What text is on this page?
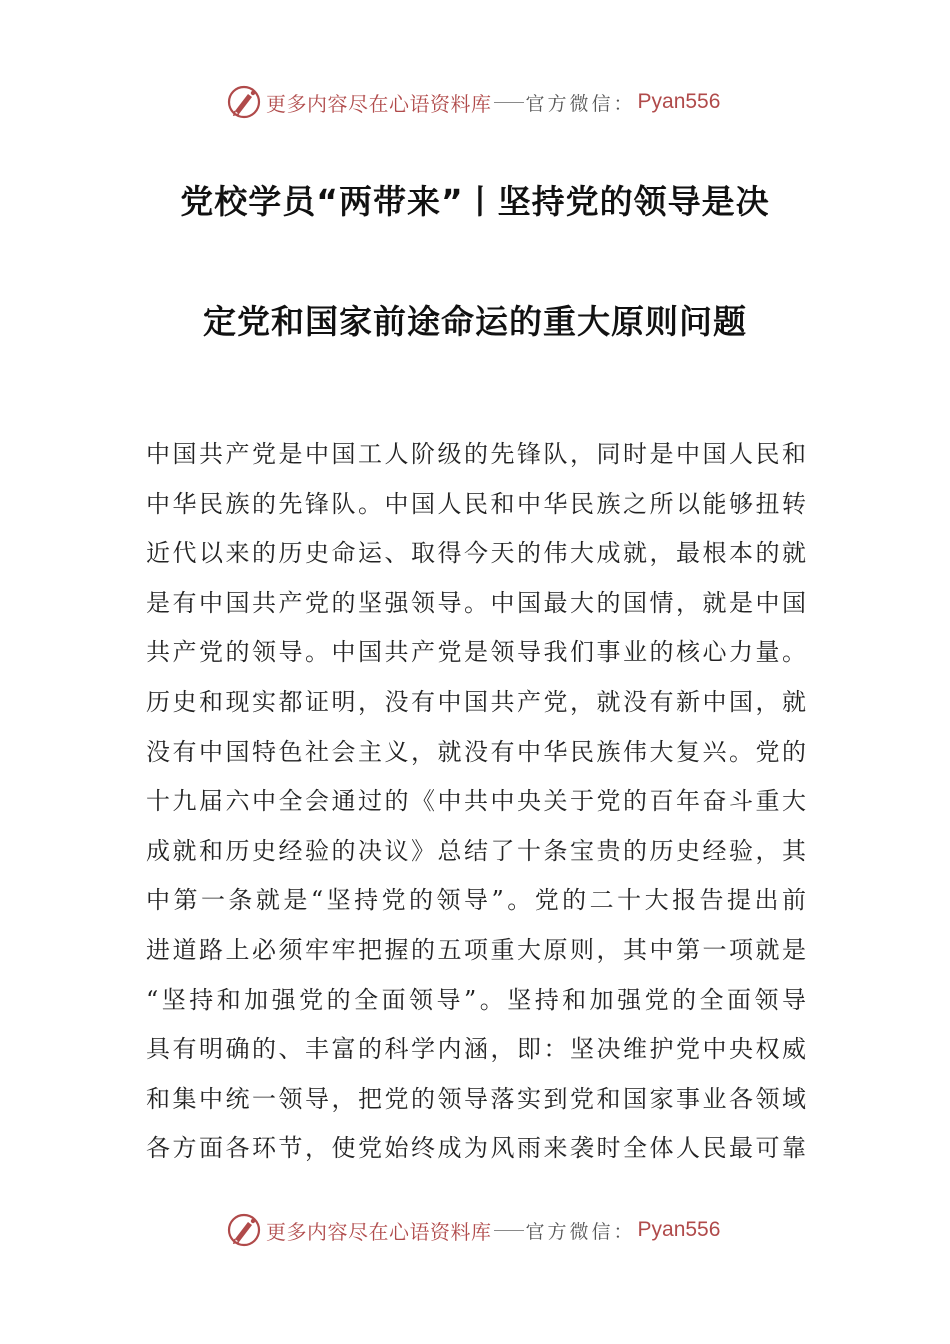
更多内容尽在心语资料库 官方微信： Pyan556
党校学员“两带来”丨坚持党的领导是决
定党和国家前途命运的重大原则问题
中国共产党是中国工人阶级的先锋队，同时是中国人民和
中华民族的先锋队。中国人民和中华民族之所以能够扭转
近代以来的历史命运、取得今天的伟大成就，最根本的就
是有中国共产党的坚强领导。中国最大的国情，就是中国
共产党的领导。中国共产党是领导我们事业的核心力量。
历史和现实都证明，没有中国共产党，就没有新中国，就
没有中国特色社会主义，就没有中华民族伟大复兴。党的
十九届六中全会通过的《中共中央关于党的百年奋斗重大
成就和历史经验的决议》总结了十条宝贵的历史经验，其
中第一条就是“坚持党的领导”。党的二十大报告提出前
进道路上必须牢牢把握的五项重大原则，其中第一项就是
“坚持和加强党的全面领导”。坚持和加强党的全面领导
具有明确的、丰富的科学内涵，即：坚决维护党中央权威
和集中统一领导，把党的领导落实到党和国家事业各领域
各方面各环节，使党始终成为风雨来袭时全体人民最可靠
更多内容尽在心语资料库 官方微信： Pyan556
